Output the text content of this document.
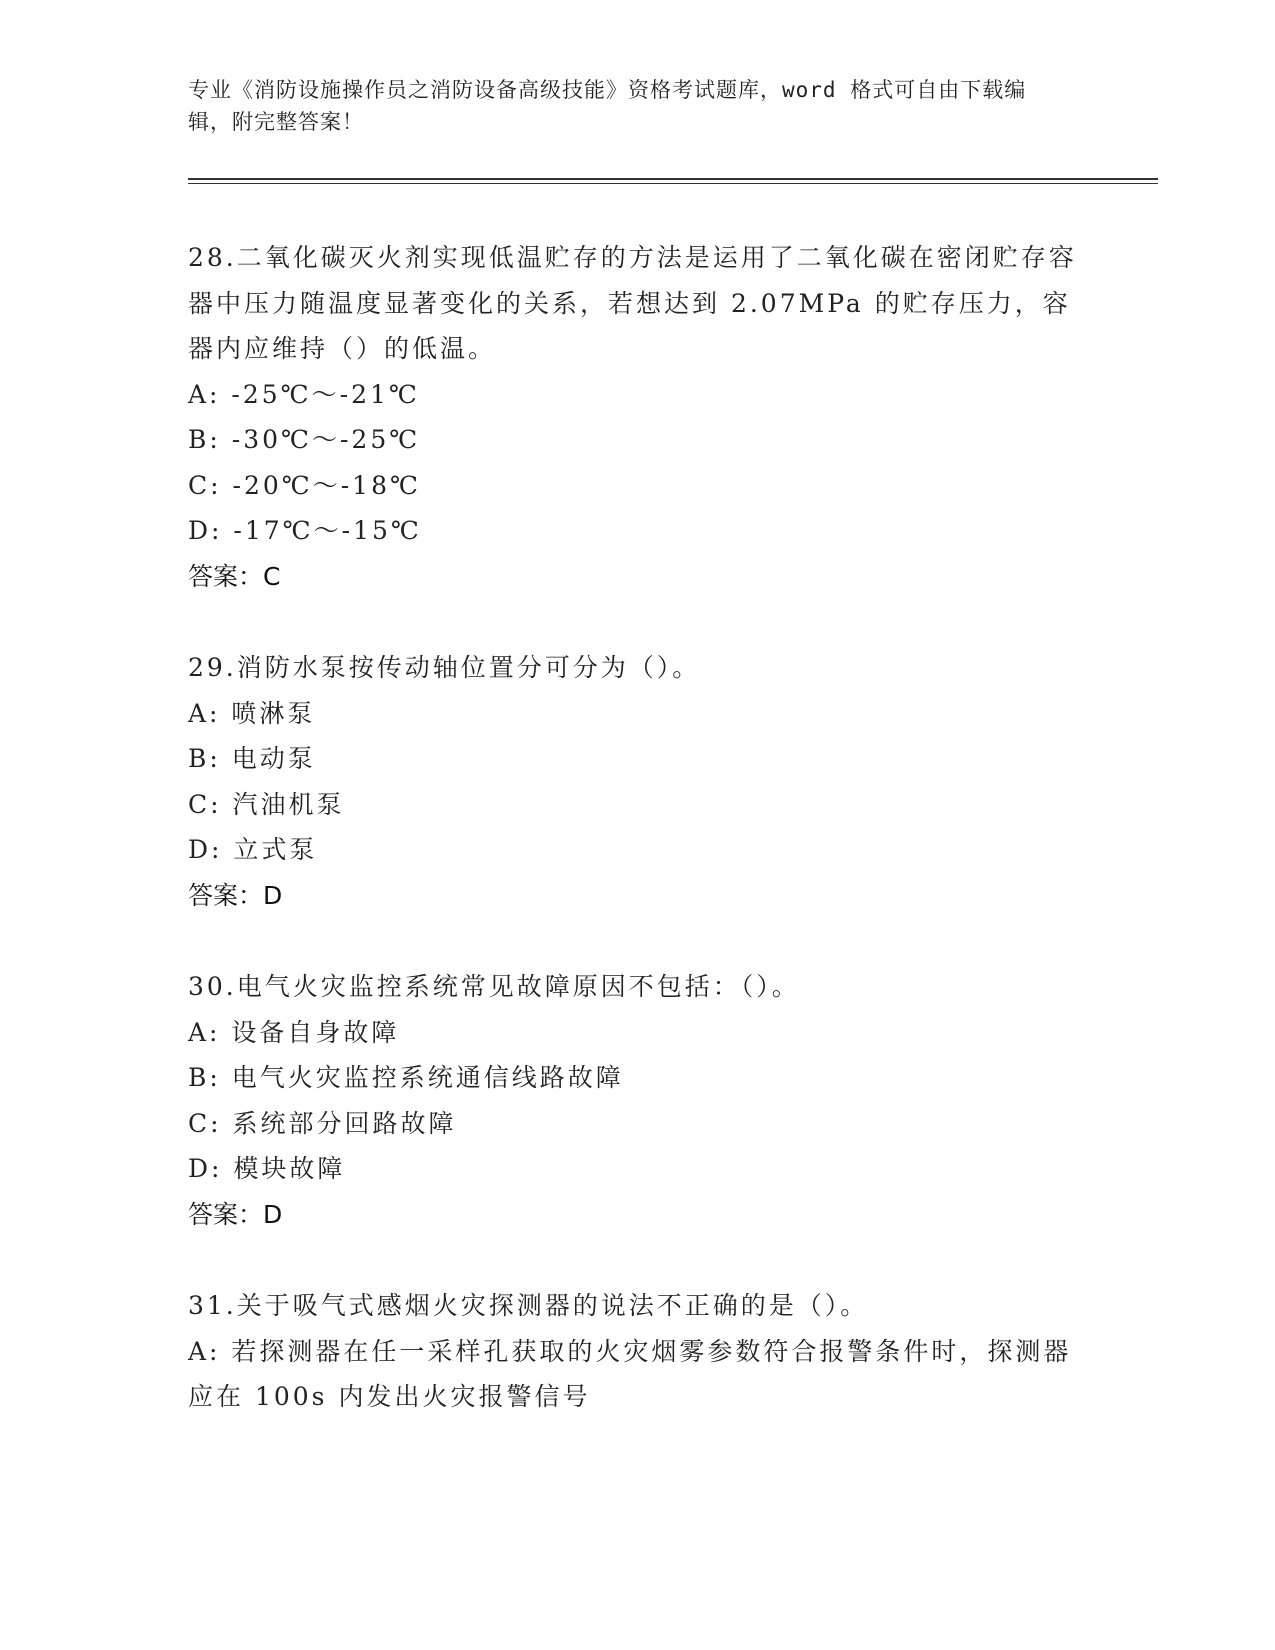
专业《消防设施操作员之消防设备高级技能》资格考试题库，word 格式可自由下载编辑，附完整答案！

28.二氧化碳灭火剂实现低温贮存的方法是运用了二氧化碳在密闭贮存容器中压力随温度显著变化的关系，若想达到 2.07MPa 的贮存压力，容器内应维持（）的低温。

A: -25℃～-21℃

B: -30℃～-25℃

C: -20℃～-18℃

D: -17℃～-15℃

答案：C

29.消防水泵按传动轴位置分可分为（）。

A: 喷淋泵

B: 电动泵

C: 汽油机泵

D: 立式泵

答案：D

30.电气火灾监控系统常见故障原因不包括：（）。

A: 设备自身故障

B: 电气火灾监控系统通信线路故障

C: 系统部分回路故障

D: 模块故障

答案：D

31.关于吸气式感烟火灾探测器的说法不正确的是（）。

A: 若探测器在任一采样孔获取的火灾烟雾参数符合报警条件时，探测器应在 100s 内发出火灾报警信号
